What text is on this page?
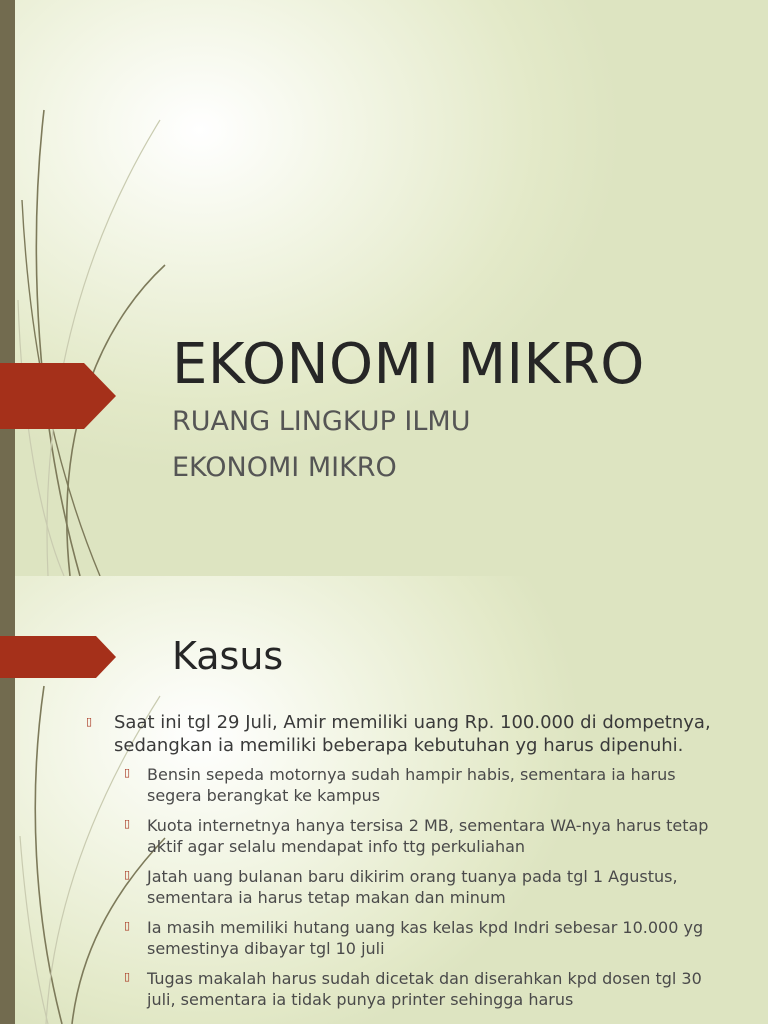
EKONOMI MIKRO
RUANG LINGKUP ILMU
EKONOMI MIKRO
Kasus
▯ Saat ini tgl 29 Juli, Amir memiliki uang Rp. 100.000 di dompetnya, sedangkan ia memiliki beberapa kebutuhan yg harus dipenuhi.
▯ Bensin sepeda motornya sudah hampir habis, sementara ia harus segera berangkat ke kampus
▯ Kuota internetnya hanya tersisa 2 MB, sementara WA-nya harus tetap aktif agar selalu mendapat info ttg perkuliahan
▯ Jatah uang bulanan baru dikirim orang tuanya pada tgl 1 Agustus, sementara ia harus tetap makan dan minum
▯ Ia masih memiliki hutang uang kas kelas kpd Indri sebesar 10.000 yg semestinya dibayar tgl 10 juli
▯ Tugas makalah harus sudah dicetak dan diserahkan kpd dosen tgl 30 juli, sementara ia tidak punya printer sehingga harus
